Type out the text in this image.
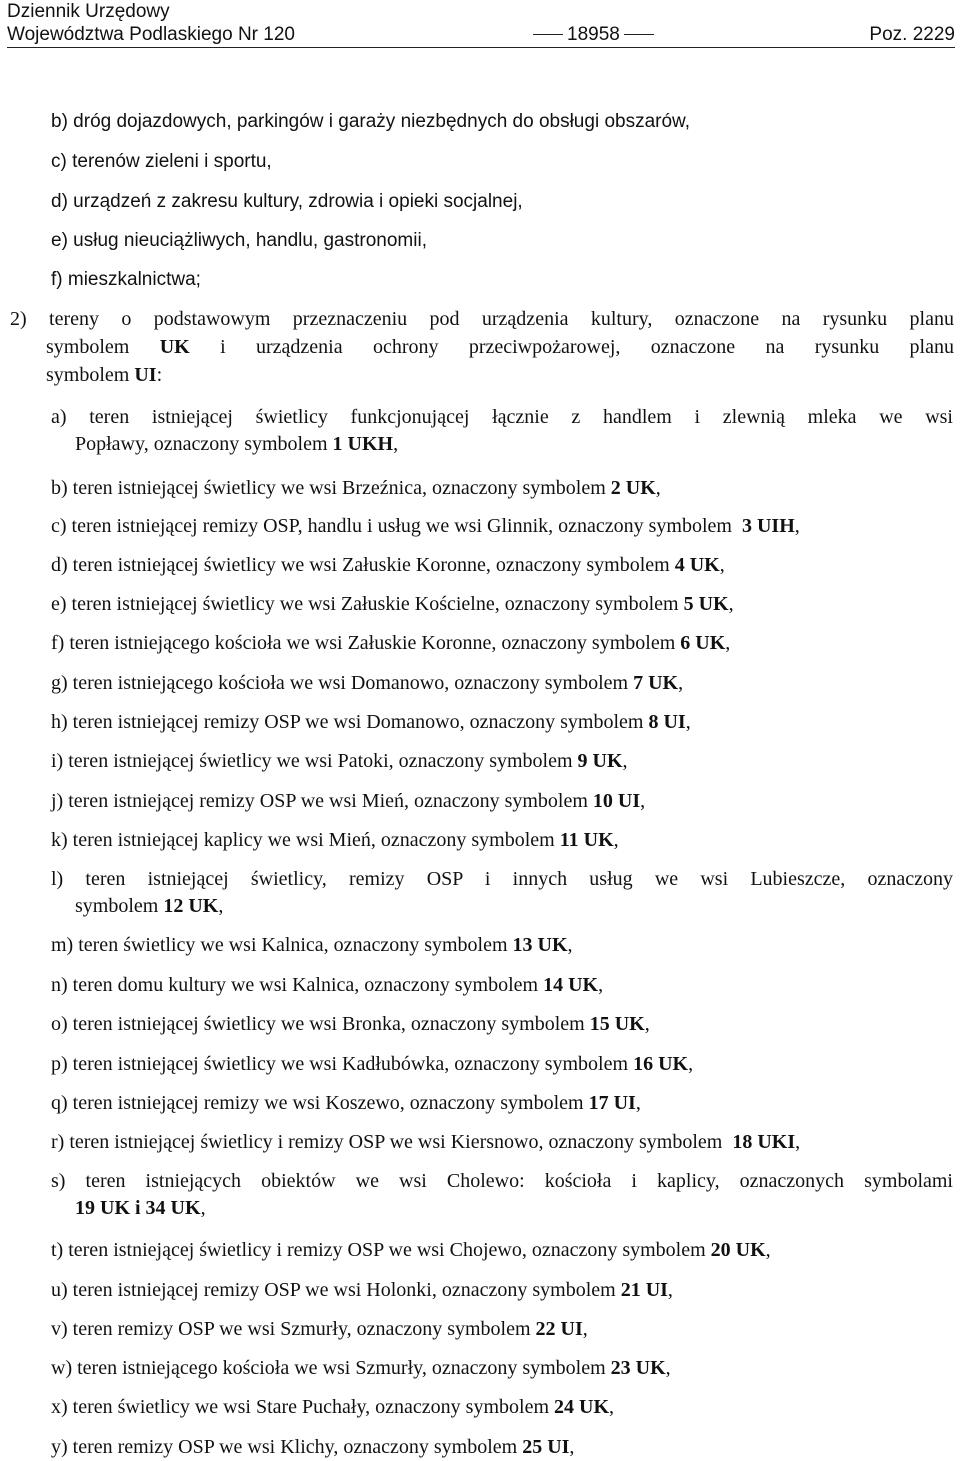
Dziennik Urzędowy
Województwa Podlaskiego Nr 120	18958	Poz. 2229
b) dróg dojazdowych, parkingów i garaży niezbędnych do obsługi obszarów,
c) terenów zieleni i sportu,
d) urządzeń z zakresu kultury, zdrowia i opieki socjalnej,
e) usług nieuciążliwych, handlu, gastronomii,
f) mieszkalnictwa;
2) tereny o podstawowym przeznaczeniu pod urządzenia kultury, oznaczone na rysunku planu
symbolem UK i urządzenia ochrony przeciwpożarowej, oznaczone na rysunku planu
symbolem UI:
a) teren istniejącej świetlicy funkcjonującej łącznie z handlem i zlewnią mleka we wsi
Popławy, oznaczony symbolem 1 UKH,
b) teren istniejącej świetlicy we wsi Brzeźnica, oznaczony symbolem 2 UK,
c) teren istniejącej remizy OSP, handlu i usług we wsi Glinnik, oznaczony symbolem  3 UIH,
d) teren istniejącej świetlicy we wsi Załuskie Koronne, oznaczony symbolem 4 UK,
e) teren istniejącej świetlicy we wsi Załuskie Kościelne, oznaczony symbolem 5 UK,
f) teren istniejącego kościoła we wsi Załuskie Koronne, oznaczony symbolem 6 UK,
g) teren istniejącego kościoła we wsi Domanowo, oznaczony symbolem 7 UK,
h) teren istniejącej remizy OSP we wsi Domanowo, oznaczony symbolem 8 UI,
i) teren istniejącej świetlicy we wsi Patoki, oznaczony symbolem 9 UK,
j) teren istniejącej remizy OSP we wsi Mień, oznaczony symbolem 10 UI,
k) teren istniejącej kaplicy we wsi Mień, oznaczony symbolem 11 UK,
l) teren istniejącej świetlicy, remizy OSP i innych usług we wsi Lubieszcze, oznaczony
symbolem 12 UK,
m) teren świetlicy we wsi Kalnica, oznaczony symbolem 13 UK,
n) teren domu kultury we wsi Kalnica, oznaczony symbolem 14 UK,
o) teren istniejącej świetlicy we wsi Bronka, oznaczony symbolem 15 UK,
p) teren istniejącej świetlicy we wsi Kadłubówka, oznaczony symbolem 16 UK,
q) teren istniejącej remizy we wsi Koszewo, oznaczony symbolem 17 UI,
r) teren istniejącej świetlicy i remizy OSP we wsi Kiersnowo, oznaczony symbolem  18 UKI,
s) teren istniejących obiektów we wsi Cholewo: kościoła i kaplicy, oznaczonych symbolami
19 UK i 34 UK,
t) teren istniejącej świetlicy i remizy OSP we wsi Chojewo, oznaczony symbolem 20 UK,
u) teren istniejącej remizy OSP we wsi Holonki, oznaczony symbolem 21 UI,
v) teren remizy OSP we wsi Szmurły, oznaczony symbolem 22 UI,
w) teren istniejącego kościoła we wsi Szmurły, oznaczony symbolem 23 UK,
x) teren świetlicy we wsi Stare Puchały, oznaczony symbolem 24 UK,
y) teren remizy OSP we wsi Klichy, oznaczony symbolem 25 UI,
